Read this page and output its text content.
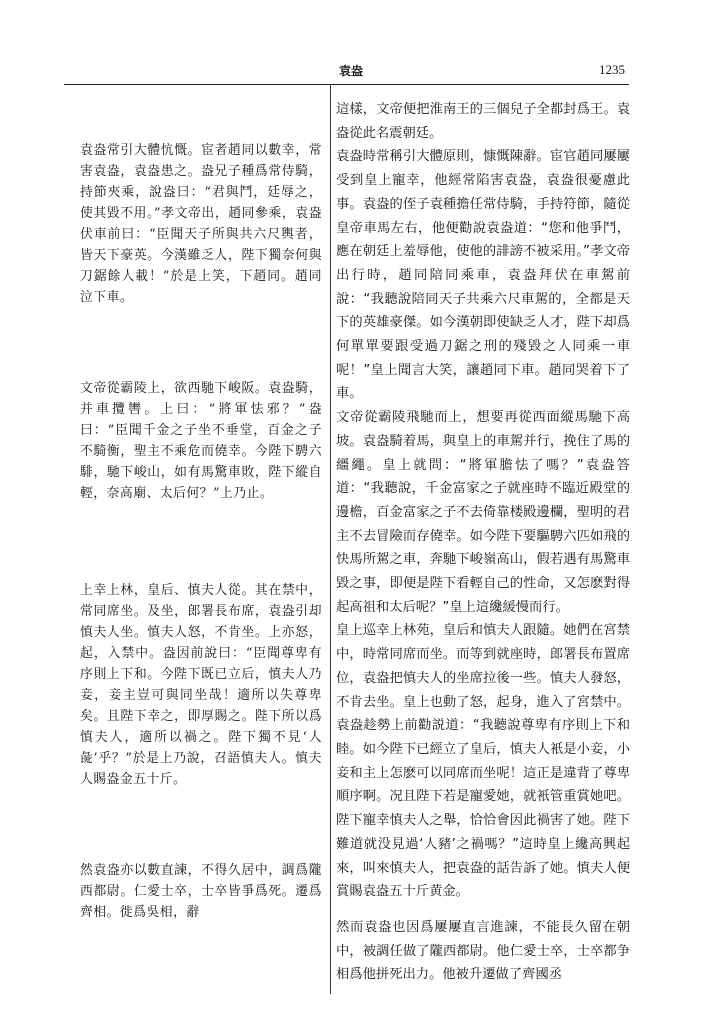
袁盎	1235

袁盎常引大體忼慨。宦者趙同以數幸，常害袁盎，袁盎患之。盎兄子種爲常侍騎，持節夾乘，說盎曰：“君與鬥，廷辱之，使其毀不用。”孝文帝出，趙同參乘，袁盎伏車前曰：“臣聞天子所與共六尺輿者，皆天下豪英。今漢雖乏人，陛下獨奈何與刀鋸餘人載！”於是上笑，下趙同。趙同泣下車。

文帝從霸陵上，欲西馳下峻阪。袁盎騎，并車攬轡。上曰：“將軍怯邪？”盎曰：“臣聞千金之子坐不垂堂，百金之子不騎衡，聖主不乘危而僥幸。今陛下騁六騑，馳下峻山，如有馬驚車敗，陛下縱自輕，奈高廟、太后何？”上乃止。

上幸上林，皇后、慎夫人從。其在禁中，常同席坐。及坐，郎署長布席，袁盎引却慎夫人坐。慎夫人怒，不肯坐。上亦怒，起，入禁中。盎因前說曰：“臣聞尊卑有序則上下和。今陛下既已立后，慎夫人乃妾，妾主豈可與同坐哉！適所以失尊卑矣。且陛下幸之，即厚賜之。陛下所以爲慎夫人，適所以禍之。陛下獨不見‘人彘’乎？”於是上乃說，召語慎夫人。慎夫人賜盎金五十斤。

然袁盎亦以數直諫，不得久居中，調爲隴西都尉。仁愛士卒，士卒皆爭爲死。遷爲齊相。徙爲吳相，辭

這樣，文帝便把淮南王的三個兒子全都封爲王。袁盎從此名震朝廷。

袁盎時常稱引大體原則，慷慨陳辭。宦官趙同屢屢受到皇上寵幸，他經常陷害袁盎，袁盎很憂慮此事。袁盎的侄子袁種擔任常侍騎，手持符節，隨從皇帝車馬左右，他便勸說袁盎道：“您和他爭鬥，應在朝廷上羞辱他，使他的誹謗不被采用。”孝文帝出行時，趙同陪同乘車，袁盎拜伏在車駕前說：“我聽說陪同天子共乘六尺車駕的，全都是天下的英雄豪傑。如今漢朝即使缺乏人才，陛下却爲何單單要跟受過刀鋸之刑的殘毀之人同乘一車呢！”皇上聞言大笑，讓趙同下車。趙同哭着下了車。

文帝從霸陵飛馳而上，想要再從西面縱馬馳下高坡。袁盎騎着馬，與皇上的車駕并行，挽住了馬的繮繩。皇上就問：“將軍膽怯了嗎？”袁盎答道：“我聽說，千金富家之子就座時不臨近殿堂的邊檐，百金富家之子不去倚靠楼殿邊欄，聖明的君主不去冒險而存僥幸。如今陛下要驅騁六匹如飛的快馬所駕之車，奔馳下峻嶺高山，假若遇有馬驚車毀之事，即便是陛下看輕自己的性命，又怎麽對得起高祖和太后呢？”皇上這纔緩慢而行。

皇上巡幸上林苑，皇后和慎夫人跟隨。她們在宮禁中，時常同席而坐。而等到就座時，郎署長布置席位，袁盎把慎夫人的坐席拉後一些。慎夫人發怒，不肯去坐。皇上也動了怒，起身，進入了宮禁中。袁盎趁勢上前勸説道：“我聽說尊卑有序則上下和睦。如今陛下已經立了皇后，慎夫人衹是小妾，小妾和主上怎麽可以同席而坐呢！這正是違背了尊卑順序啊。况且陛下若是寵愛她，就衹管重賞她吧。陛下寵幸慎夫人之舉，恰恰會因此禍害了她。陛下難道就没見過‘人豬’之禍嗎？”這時皇上纔高興起來，叫來慎夫人，把袁盎的話告訴了她。慎夫人便賞賜袁盎五十斤黄金。

然而袁盎也因爲屢屢直言進諫，不能長久留在朝中，被調任做了隴西都尉。他仁愛士卒，士卒都争相爲他拼死出力。他被升遷做了齊國丞
